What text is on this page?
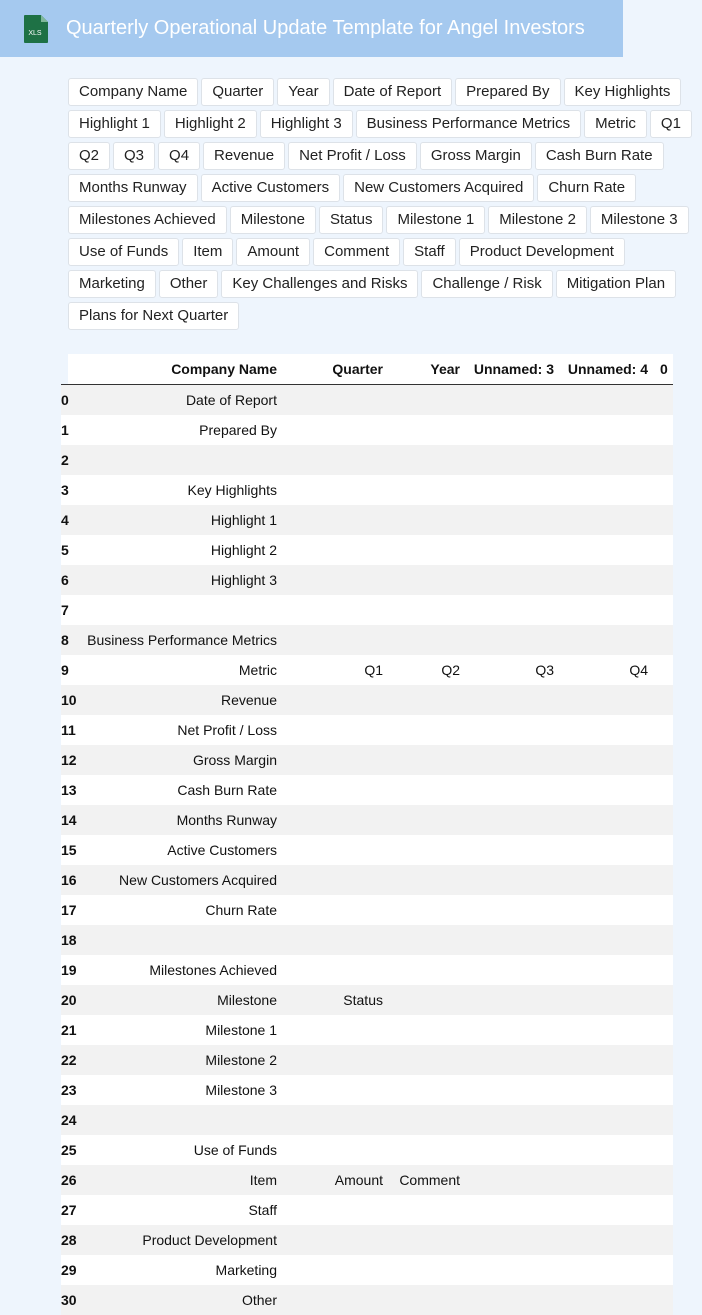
XLS Quarterly Operational Update Template for Angel Investors
Company Name	Quarter	Year	Date of Report	Prepared By	Key Highlights
Highlight 1	Highlight 2	Highlight 3	Business Performance Metrics	Metric	Q1
Q2	Q3	Q4	Revenue	Net Profit / Loss	Gross Margin	Cash Burn Rate
Months Runway	Active Customers	New Customers Acquired	Churn Rate
Milestones Achieved	Milestone	Status	Milestone 1	Milestone 2	Milestone 3
Use of Funds	Item	Amount	Comment	Staff	Product Development
Marketing	Other	Key Challenges and Risks	Challenge / Risk	Mitigation Plan
Plans for Next Quarter
	Company Name	Quarter	Year	Unnamed: 3	Unnamed: 4	0
0	Date of Report					
1	Prepared By					
2						
3	Key Highlights					
4	Highlight 1					
5	Highlight 2					
6	Highlight 3					
7						
8	Business Performance Metrics					
9	Metric	Q1	Q2	Q3	Q4	
10	Revenue					
11	Net Profit / Loss					
12	Gross Margin					
13	Cash Burn Rate					
14	Months Runway					
15	Active Customers					
16	New Customers Acquired					
17	Churn Rate					
18						
19	Milestones Achieved					
20	Milestone	Status				
21	Milestone 1					
22	Milestone 2					
23	Milestone 3					
24						
25	Use of Funds					
26	Item	Amount	Comment			
27	Staff					
28	Product Development					
29	Marketing					
30	Other					
